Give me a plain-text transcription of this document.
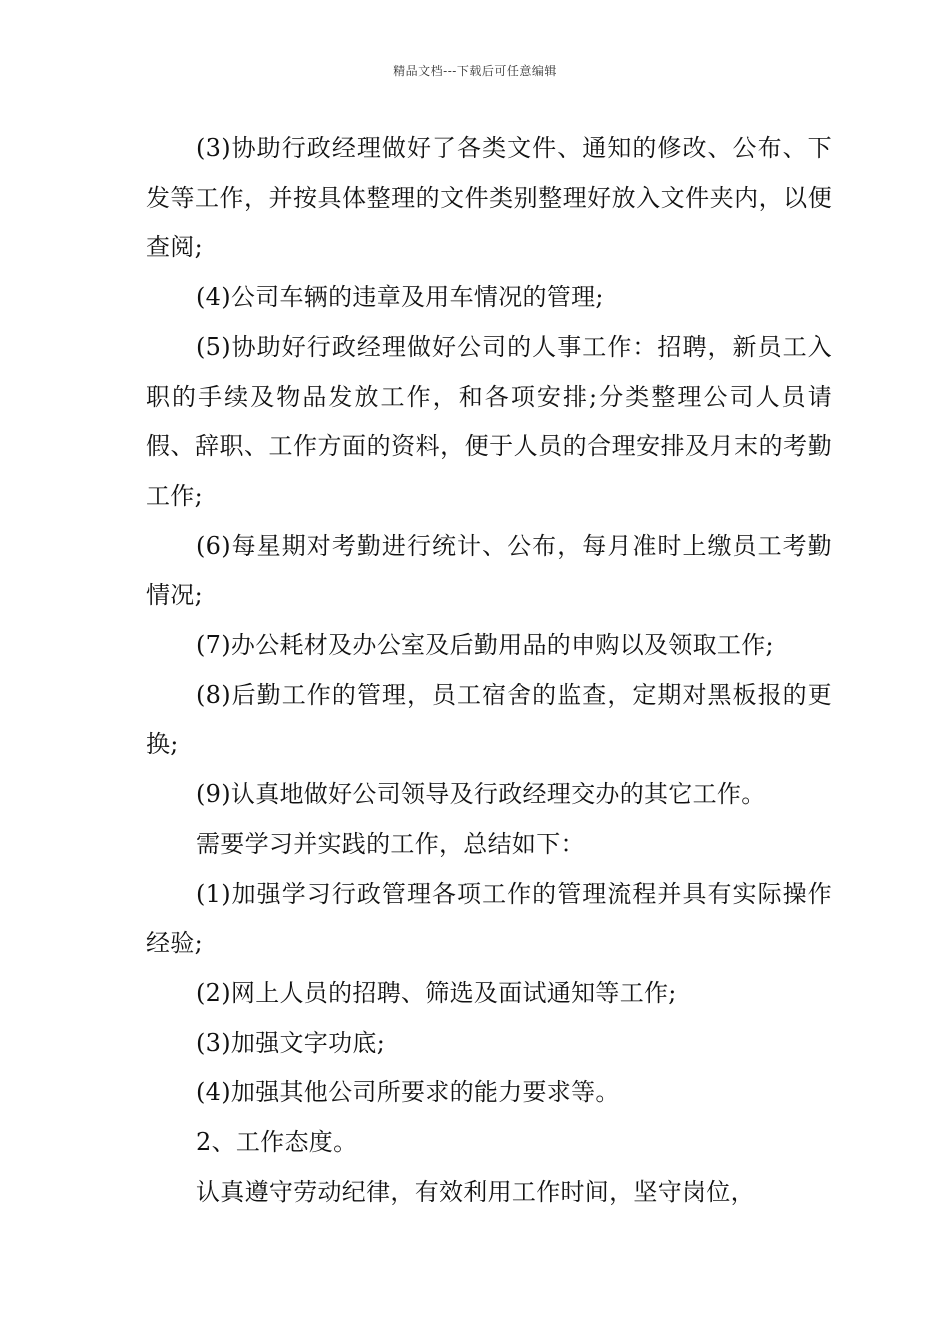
精品文档---下载后可任意编辑

(3)协助行政经理做好了各类文件、通知的修改、公布、下发等工作，并按具体整理的文件类别整理好放入文件夹内，以便查阅;

(4)公司车辆的违章及用车情况的管理;

(5)协助好行政经理做好公司的人事工作：招聘，新员工入职的手续及物品发放工作，和各项安排;分类整理公司人员请假、辞职、工作方面的资料，便于人员的合理安排及月末的考勤工作;

(6)每星期对考勤进行统计、公布，每月准时上缴员工考勤情况;

(7)办公耗材及办公室及后勤用品的申购以及领取工作;

(8)后勤工作的管理，员工宿舍的监查，定期对黑板报的更换;

(9)认真地做好公司领导及行政经理交办的其它工作。

需要学习并实践的工作，总结如下：

(1)加强学习行政管理各项工作的管理流程并具有实际操作经验;

(2)网上人员的招聘、筛选及面试通知等工作;

(3)加强文字功底;

(4)加强其他公司所要求的能力要求等。

2、工作态度。

认真遵守劳动纪律，有效利用工作时间，坚守岗位，
